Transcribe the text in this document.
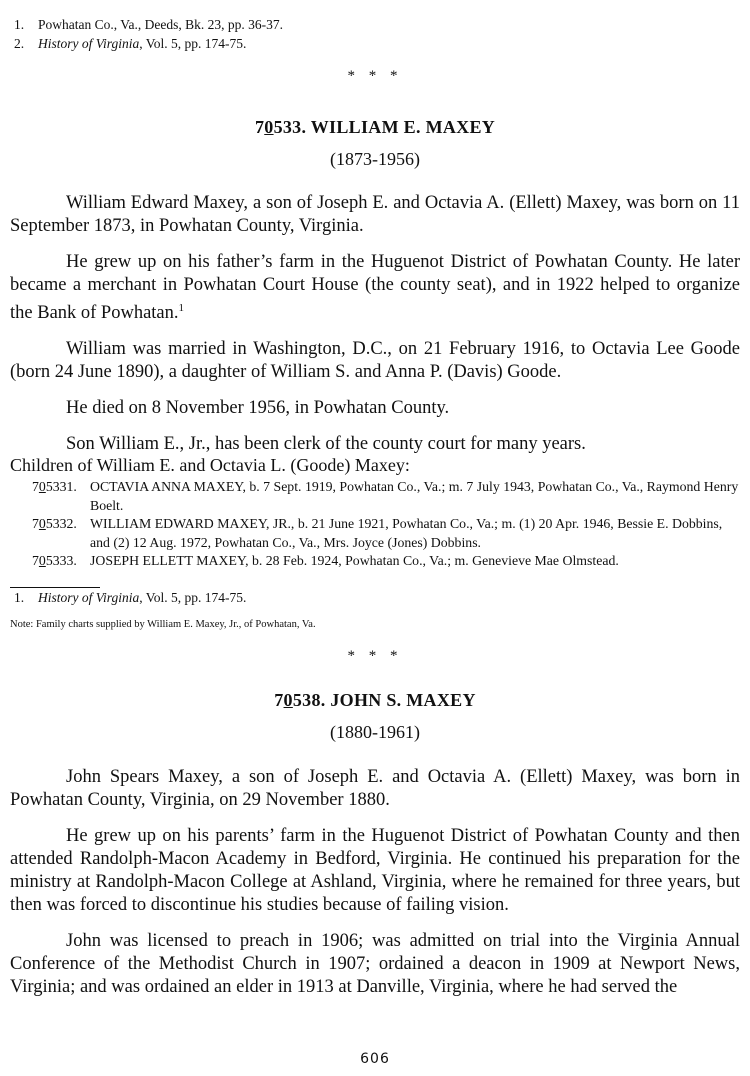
1. Powhatan Co., Va., Deeds, Bk. 23, pp. 36-37.
2. History of Virginia, Vol. 5, pp. 174-75.
* * *
70533. WILLIAM E. MAXEY
(1873-1956)

William Edward Maxey, a son of Joseph E. and Octavia A. (Ellett) Maxey, was born on 11 September 1873, in Powhatan County, Virginia.

He grew up on his father’s farm in the Huguenot District of Powhatan County. He later became a merchant in Powhatan Court House (the county seat), and in 1922 helped to organize the Bank of Powhatan.$^1$

William was married in Washington, D.C., on 21 February 1916, to Octavia Lee Goode (born 24 June 1890), a daughter of William S. and Anna P. (Davis) Goode.

He died on 8 November 1956, in Powhatan County.

Son William E., Jr., has been clerk of the county court for many years.

Children of William E. and Octavia L. (Goode) Maxey:
705331. OCTAVIA ANNA MAXEY, b. 7 Sept. 1919, Powhatan Co., Va.; m. 7 July 1943, Powhatan Co., Va., Raymond Henry Boelt.
705332. WILLIAM EDWARD MAXEY, JR., b. 21 June 1921, Powhatan Co., Va.; m. (1) 20 Apr. 1946, Bessie E. Dobbins, and (2) 12 Aug. 1972, Powhatan Co., Va., Mrs. Joyce (Jones) Dobbins.
705333. JOSEPH ELLETT MAXEY, b. 28 Feb. 1924, Powhatan Co., Va.; m. Genevieve Mae Olmstead.
1. History of Virginia, Vol. 5, pp. 174-75.
Note: Family charts supplied by William E. Maxey, Jr., of Powhatan, Va.
* * *
70538. JOHN S. MAXEY
(1880-1961)

John Spears Maxey, a son of Joseph E. and Octavia A. (Ellett) Maxey, was born in Powhatan County, Virginia, on 29 November 1880.

He grew up on his parents’ farm in the Huguenot District of Powhatan County and then attended Randolph-Macon Academy in Bedford, Virginia. He continued his preparation for the ministry at Randolph-Macon College at Ashland, Virginia, where he remained for three years, but then was forced to discontinue his studies because of failing vision.

John was licensed to preach in 1906; was admitted on trial into the Virginia Annual Conference of the Methodist Church in 1907; ordained a deacon in 1909 at Newport News, Virginia; and was ordained an elder in 1913 at Danville, Virginia, where he had served the

606
